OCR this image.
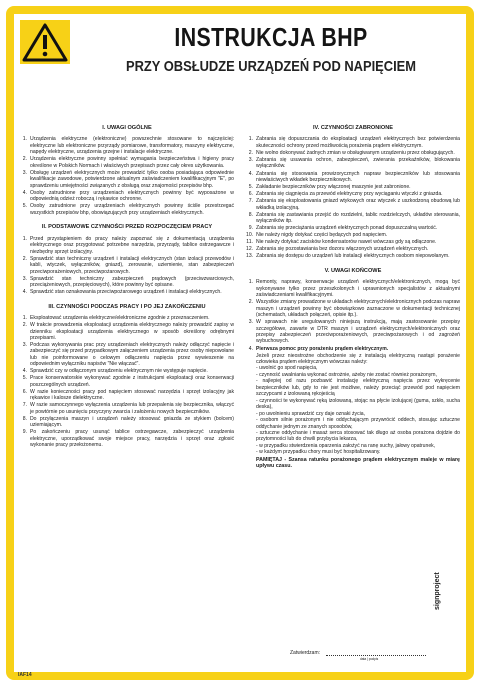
INSTRUKCJA BHP
PRZY OBSŁUDZE URZĄDZEŃ POD NAPIĘCIEM
I. UWAGI OGÓLNE
1. Urządzenia elektryczne (elektroniczne) powszechnie stosowane to najczęściej: elektryczne lub elektroniczne przyrządy pomiarowe, transformatory, maszyny elektryczne, napędy elektryczne, urządzenia grzejne i instalacje elektryczne.
2. Urządzenia elektryczne powinny spełniać wymagania bezpieczeństwa i higieny pracy określone w Polskich Normach i właściwych przepisach przez cały okres użytkowania.
3. Obsługę urządzeń elektrycznych może prowadzić tylko osoba posiadająca odpowiednie kwalifikacje zawodowe, potwierdzone aktualnym zaświadczeniem kwalifikacyjnym "E", po sprawdzeniu umiejętności związanych z obsługą oraz znajomości przepisów bhp.
4. Osoby zatrudnione przy urządzeniach elektrycznych powinny być wyposażone w odpowiednią odzież roboczą i rękawice ochronne.
5. Osoby zatrudnione przy urządzeniach elektrycznych powinny ściśle przestrzegać wszystkich przepisów bhp, obowiązujących przy urządzeniach elektrycznych.
II. PODSTAWOWE CZYNNOŚCI PRZED ROZPOCZĘCIEM PRACY
1. Przed przystąpieniem do pracy należy zapoznać się z dokumentacją urządzenia elektrycznego oraz przygotować potrzebne narzędzia, przyrządy, tablice ostrzegawcze i niezbędny sprzęt izolacyjny.
2. Sprawdzić stan techniczny urządzeń i instalacji elektrycznych (stan izolacji przewodów i kabli, wtyczek, wyłączników, gniazd), zerowanie, uziemienie, stan zabezpieczeń przeciwporażeniowych, przeciwpożarowych.
3. Sprawdzić stan techniczny zabezpieczeń prądowych (przeciwzwarciowych, przeciążeniowych, przepięciowych), które powinny być opisane.
4. Sprawdzić stan oznakowania przeciwpożarowego urządzeń i instalacji elektrycznych.
III. CZYNNOŚCI PODCZAS PRACY I PO JEJ ZAKOŃCZENIU
1. Eksploatować urządzenia elektryczne/elektroniczne zgodnie z przeznaczeniem.
2. W trakcie prowadzenia eksploatacji urządzenia elektrycznego należy prowadzić zapisy w dzienniku eksploatacji urządzenia elektrycznego w sposób określony odrębnymi przepisami.
3. Podczas wykonywania prac przy urządzeniach elektrycznych należy odłączyć napięcie i zabezpieczyć się przed przypadkowym załączeniem urządzenia przez osoby niepowołane lub nie poinformowane o celowym odłączeniu napięcia przez wywieszenie na odpowiednim wyłączniku napisów "Nie włączać".
4. Sprawdzić czy w odłączonym urządzeniu elektrycznym nie występuje napięcie.
5. Prace konserwatorskie wykonywać zgodnie z instrukcjami eksploatacji oraz konserwacji poszczególnych urządzeń.
6. W razie konieczności pracy pod napięciem stosować narzędzia i sprzęt izolacyjny jak rękawice i kalosze dielektryczne.
7. W razie samoczynnego wyłączenia urządzenia lub przepalenia się bezpiecznika, włączyć je powtórnie po usunięciu przyczyny zwarcia i założeniu nowych bezpieczników.
8. Do przyłączenia maszyn i urządzeń należy stosować gniazda ze stykiem (bolcem) uziemiającym.
9. Po zakończeniu pracy usunąć tablice ostrzegawcze, zabezpieczyć urządzenia elektryczne, uporządkować swoje miejsce pracy, narzędzia i sprzęt oraz zgłosić wykonanie pracy przełożonemu.
IV. CZYNNOŚCI ZABRONIONE
1. Zabrania się dopuszczania do eksploatacji urządzeń elektrycznych bez potwierdzenia skuteczności ochrony przed możliwością porażenia prądem elektrycznym.
2. Nie wolno dokonywać żadnych zmian w obsługiwanym urządzeniu przez obsługujących.
3. Zabrania się usuwania ochron, zabezpieczeń, zwierania przekaźników, blokowania wyłączników.
4. Zabrania się stosowania prowizorycznych napraw bezpieczników lub stosowania niewłaściwych wkładek bezpiecznikowych.
5. Zakładanie bezpieczników przy włączonej maszynie jest zabronione.
6. Zabrania się ciągnięcia za przewód elektryczny przy wyciąganiu wtyczki z gniazda.
7. Zabrania się eksploatowania gniazd wtykowych oraz wtyczek z uszkodzoną obudową lub wkładką izolacyjną.
8. Zabrania się zastawiania przejść do rozdzielni, tablic rozdzielczych, układów sterowania, wyłączników itp.
9. Zabrania się przeciążania urządzeń elektrycznych ponad dopuszczalną wartość.
10. Nie należy nigdy dotykać części będących pod napięciem.
11. Nie należy dotykać zacisków kondensatorów nawet wówczas gdy są odłączone.
12. Zabrania się pozostawiania bez dozoru włączonych urządzeń elektrycznych.
13. Zabrania się dostępu do urządzeń lub instalacji elektrycznych osobom niepowołanym.
V. UWAGI KOŃCOWE
1. Remonty, naprawy, konserwacje urządzeń elektrycznych/elektronicznych, mogą być wykonywane tylko przez przeszkolonych i uprawnionych specjalistów z aktualnymi zaświadczeniami kwalifikacyjnymi.
2. Wszystkie zmiany prowadzone w układach elektrycznych/elektronicznych podczas napraw maszyn i urządzeń powinny być obowiązkowo zaznaczone w dokumentacji technicznej (schematach, układach połączeń, opisie itp.).
3. W sprawach nie uregulowanych niniejszą instrukcją, mają zastosowanie przepisy szczegółowe, zawarte w DTR maszyn i urządzeń elektrycznych/elektronicznych oraz przepisy zabezpieczeń przeciwporażeniowych, przeciwpożarowych i od zagrożeń wybuchowych.
4. Pierwsza pomoc przy porażeniu prądem elektrycznym.
Jeżeli przez nieostrożne obchodzenie się z instalacją elektryczną nastąpi porażenie człowieka prądem elektrycznym wówczas należy:
- uwolnić go spod napięcia,
- czynność uwalniania wykonać ostrożnie, ażeby nie zostać również porażonym,
- najlepiej od razu pozbawić instalację elektryczną napięcia przez wykręcenie bezpieczników lub, gdy to nie jest możliwe, należy przeciąć przewód pod napięciem szczypcami z izolowaną rękojeścią
- czynności te wykonywać ręką izolowaną, stojąc na płycie izolującej (guma, szkło, sucha deska),
- po uwolnieniu sprawdzić czy daje oznaki życia,
- osobom silnie porażonym i nie oddychającym przywrócić oddech, stosując sztuczne oddychanie jednym ze znanych sposobów,
- sztuczne oddychanie i masaż serca stosować tak długo aż osoba porażona dojdzie do przytomności lub do chwili przybycia lekarza,
- w przypadku stwierdzenia oparzenia założyć na ranę suchy, jałowy opatrunek,
- w każdym przypadku chory musi być hospitalizowany.
PAMIĘTAJ - Szansa ratunku porażonego prądem elektrycznym maleje w miarę upływu czasu.
Zatwierdzam:
data | podpis
IAF14
signproject
